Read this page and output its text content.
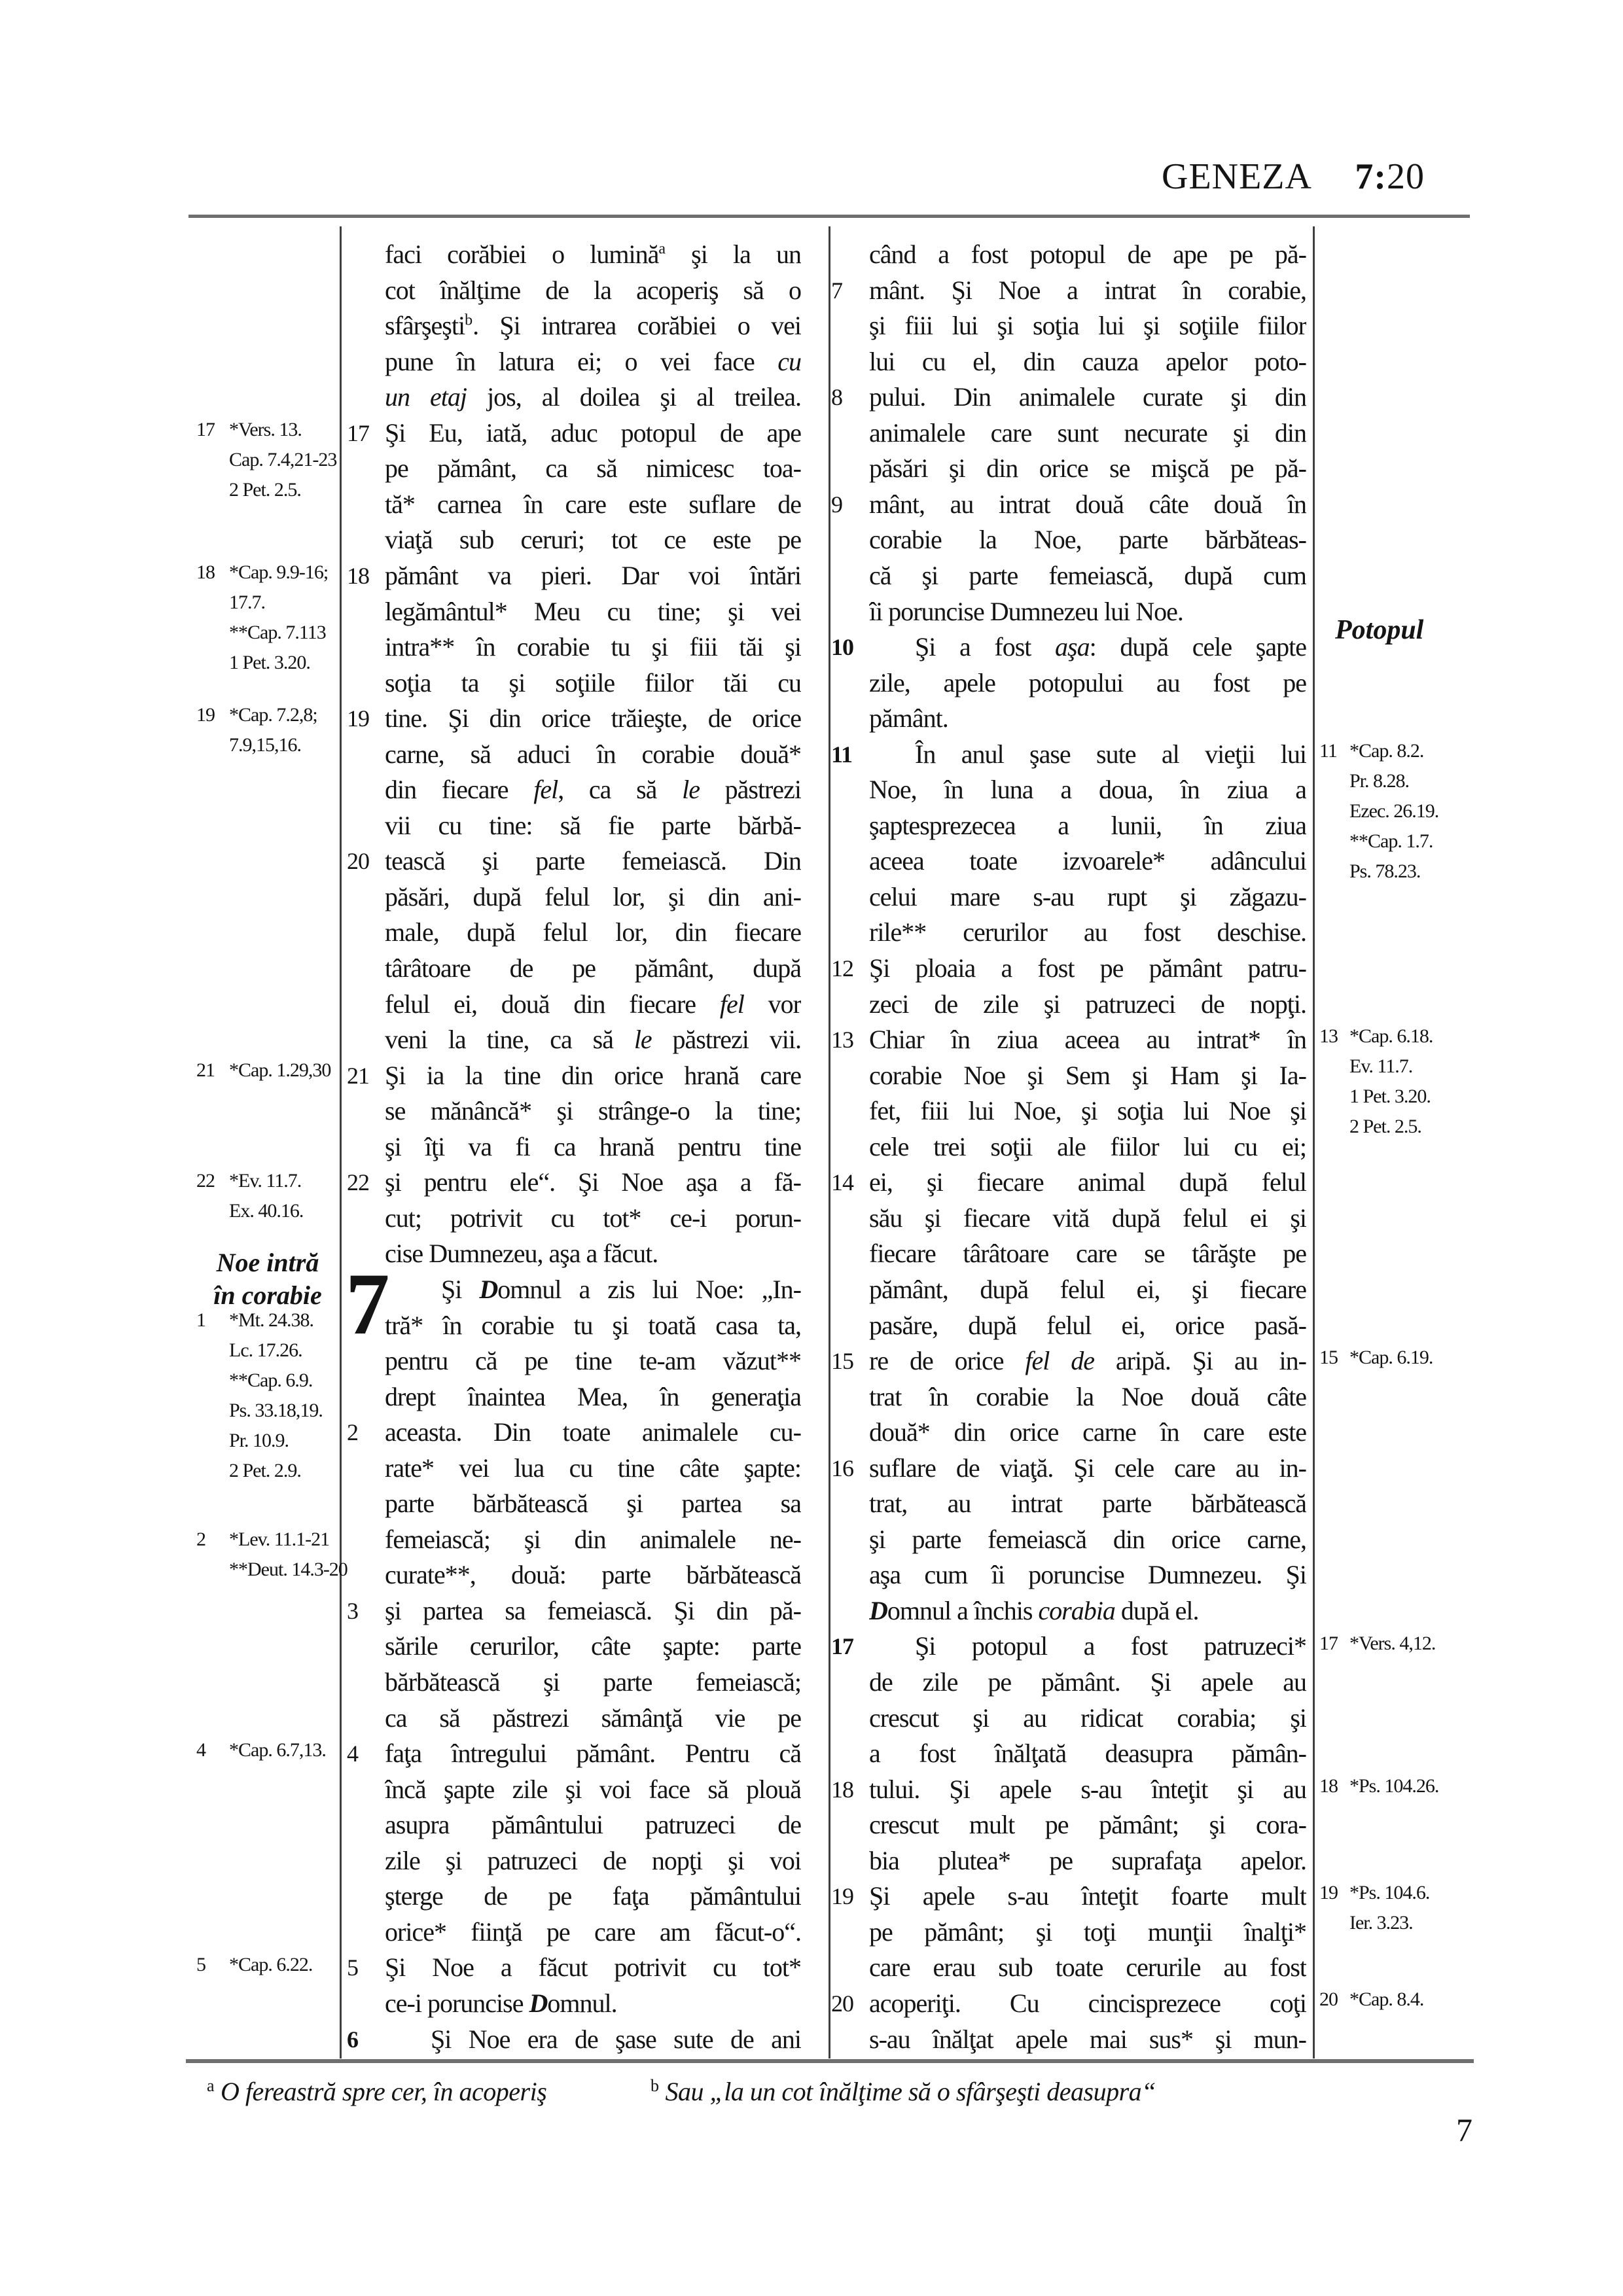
GENEZA 7:20
17 *Vers. 13.
Cap. 7.4,21-23
2 Pet. 2.5.
18 *Cap. 9.9-16;
17.7.
**Cap. 7.113
1 Pet. 3.20.
19 *Cap. 7.2,8;
7.9,15,16.
21 *Cap. 1.29,30
22 *Ev. 11.7.
Ex. 40.16.
Noe intră
în corabie
1	*Mt. 24.38.
Lc. 17.26.
**Cap. 6.9.
Ps. 33.18,19.
Pr. 10.9.
2 Pet. 2.9.
2	*Lev. 11.1-21
**Deut. 14.3-20
4	*Cap. 6.7,13.
5	*Cap. 6.22.
faci corăbiei o lumină$^a$ şi la un
cot înălţime de la acoperiş să o
sfârşeşti$^b$. Şi intrarea corăbiei o vei
pune în latura ei; o vei face cu
un etaj jos, al doilea şi al treilea.
17 Şi Eu, iată, aduc potopul de ape
pe pământ, ca să nimicesc toa-
tă* carnea în care este suflare de
viaţă sub ceruri; tot ce este pe
18 pământ va pieri. Dar voi întări
legământul* Meu cu tine; şi vei
intra** în corabie tu şi fiii tăi şi
soţia ta şi soţiile fiilor tăi cu
19 tine. Şi din orice trăieşte, de orice
carne, să aduci în corabie două*
din fiecare fel, ca să le păstrezi
vii cu tine: să fie parte bărbă-
20 tească şi parte femeiască. Din
păsări, după felul lor, şi din ani-
male, după felul lor, din fiecare
târâtoare de pe pământ, după
felul ei, două din fiecare fel vor
veni la tine, ca să le păstrezi vii.
21 Şi ia la tine din orice hrană care
se mănâncă* şi strânge-o la tine;
şi îţi va fi ca hrană pentru tine
22 şi pentru ele“. Şi Noe aşa a fă-
cut; potrivit cu tot* ce-i porun-
cise Dumnezeu, aşa a făcut.
7	Şi Domnul a zis lui Noe: „In-
tră* în corabie tu şi toată casa ta,
pentru că pe tine te-am văzut**
drept înaintea Mea, în generaţia
2	aceasta. Din toate animalele cu-
rate* vei lua cu tine câte şapte:
parte bărbătească şi partea sa
femeiască; şi din animalele ne-
curate**, două: parte bărbătească
3	şi partea sa femeiască. Şi din pă-
sările cerurilor, câte şapte: parte
bărbătească şi parte femeiască;
ca să păstrezi sămânţă vie pe
4	faţa întregului pământ. Pentru că
încă şapte zile şi voi face să plouă
asupra pământului patruzeci de
zile şi patruzeci de nopţi şi voi
şterge de pe faţa pământului
orice* fiinţă pe care am făcut-o“.
5	Şi Noe a făcut potrivit cu tot*
ce-i poruncise Domnul.
6	Şi Noe era de şase sute de ani
când a fost potopul de ape pe pă-
7	mânt. Şi Noe a intrat în corabie,
şi fiii lui şi soţia lui şi soţiile fiilor
lui cu el, din cauza apelor poto-
8	pului. Din animalele curate şi din
animalele care sunt necurate şi din
păsări şi din orice se mişcă pe pă-
9	mânt, au intrat două câte două în
corabie la Noe, parte bărbăteas-
că şi parte femeiască, după cum
îi poruncise Dumnezeu lui Noe.
10	Şi a fost aşa: după cele şapte
zile, apele potopului au fost pe
pământ.
11	În anul şase sute al vieţii lui
Noe, în luna a doua, în ziua a
şaptesprezecea a lunii, în ziua
aceea toate izvoarele* adâncului
celui mare s-au rupt şi zăgazu-
rile** cerurilor au fost deschise.
12 Şi ploaia a fost pe pământ patru-
zeci de zile şi patruzeci de nopţi.
13 Chiar în ziua aceea au intrat* în
corabie Noe şi Sem şi Ham şi Ia-
fet, fiii lui Noe, şi soţia lui Noe şi
cele trei soţii ale fiilor lui cu ei;
14 ei, şi fiecare animal după felul
său şi fiecare vită după felul ei şi
fiecare târâtoare care se târăşte pe
pământ, după felul ei, şi fiecare
pasăre, după felul ei, orice pasă-
15 re de orice fel de aripă. Şi au in-
trat în corabie la Noe două câte
două* din orice carne în care este
16 suflare de viaţă. Şi cele care au in-
trat, au intrat parte bărbătească
şi parte femeiască din orice carne,
aşa cum îi poruncise Dumnezeu. Şi
Domnul a închis corabia după el.
17	Şi potopul a fost patruzeci*
de zile pe pământ. Şi apele au
crescut şi au ridicat corabia; şi
a fost înălţată deasupra pămân-
18 tului. Şi apele s-au înteţit şi au
crescut mult pe pământ; şi cora-
bia plutea* pe suprafaţa apelor.
19 Şi apele s-au înteţit foarte mult
pe pământ; şi toţi munţii înalţi*
care erau sub toate cerurile au fost
20 acoperiţi. Cu cincisprezece coţi
s-au înălţat apele mai sus* şi mun-
Potopul
11 *Cap. 8.2.
Pr. 8.28.
Ezec. 26.19.
**Cap. 1.7.
Ps. 78.23.
13 *Cap. 6.18.
Ev. 11.7.
1 Pet. 3.20.
2 Pet. 2.5.
15 *Cap. 6.19.
17 *Vers. 4,12.
18 *Ps. 104.26.
19 *Ps. 104.6.
Ier. 3.23.
20 *Cap. 8.4.
$^a$ O fereastră spre cer, în acoperiş	$^b$ Sau „la un cot înălţime să o sfârşeşti deasupra“
7
